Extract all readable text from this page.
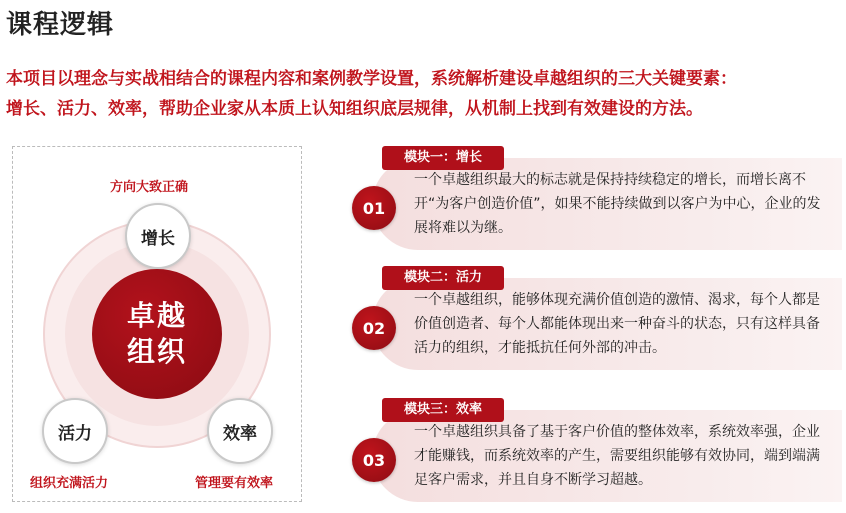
课程逻辑
本项目以理念与实战相结合的课程内容和案例教学设置，系统解析建设卓越组织的三大关键要素：
增长、活力、效率，帮助企业家从本质上认知组织底层规律，从机制上找到有效建设的方法。
方向大致正确
增长
卓越
组织
活力
组织充满活力
效率
管理要有效率
模块一：增长
01
一个卓越组织最大的标志就是保持持续稳定的增长，而增长离不开“为客户创造价值”，如果不能持续做到以客户为中心，企业的发展将难以为继。
模块二：活力
02
一个卓越组织，能够体现充满价值创造的激情、渴求，每个人都是价值创造者、每个人都能体现出来一种奋斗的状态，只有这样具备活力的组织，才能抵抗任何外部的冲击。
模块三：效率
03
一个卓越组织具备了基于客户价值的整体效率，系统效率强，企业才能赚钱，而系统效率的产生，需要组织能够有效协同，端到端满足客户需求，并且自身不断学习超越。
